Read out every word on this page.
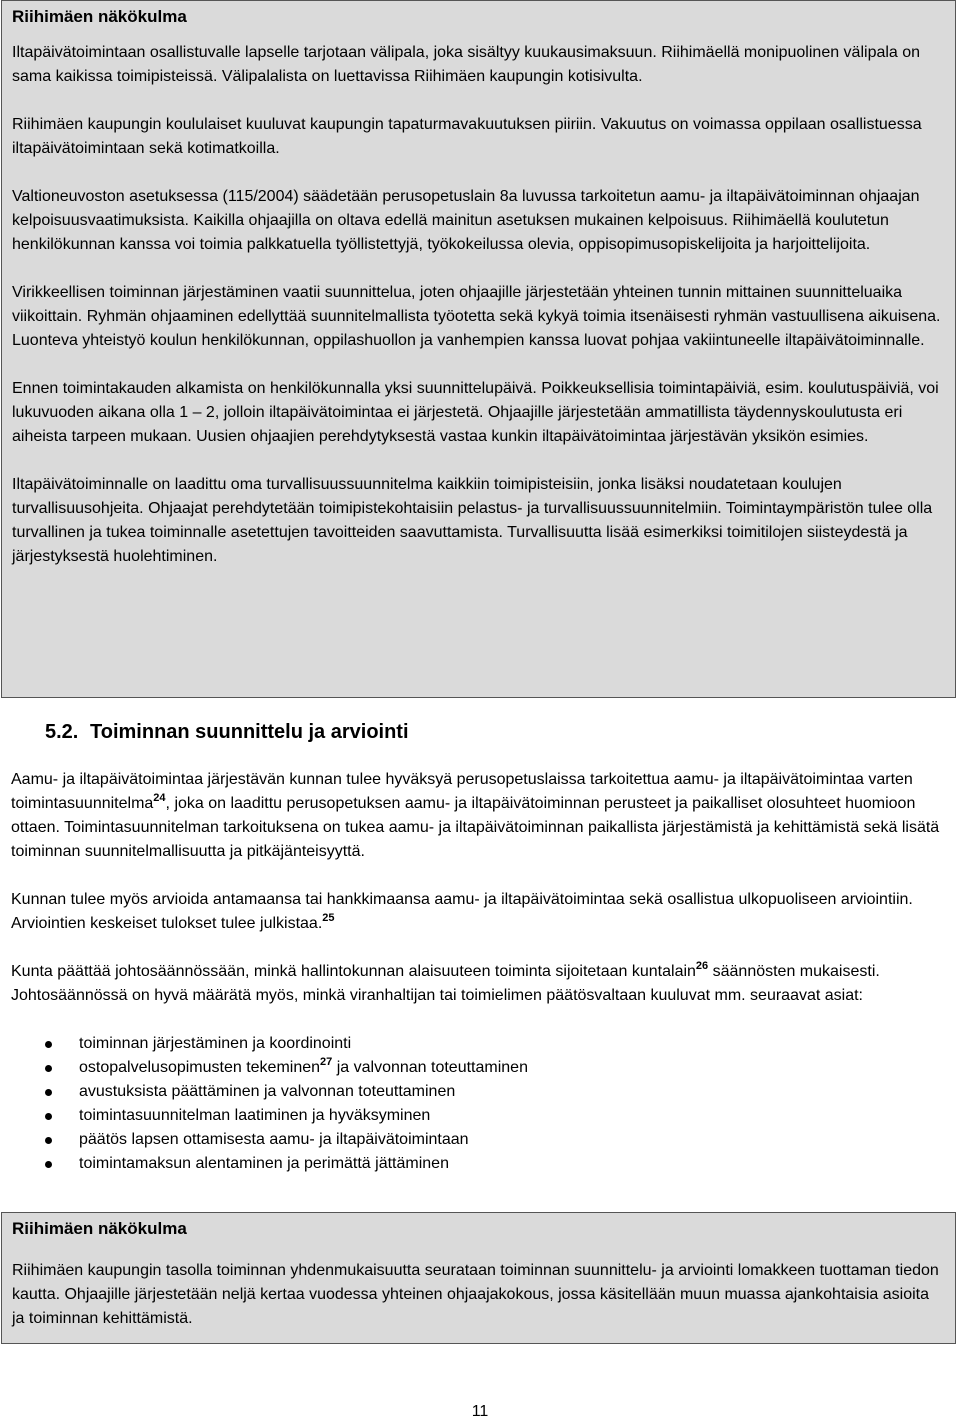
Riihimäen näkökulma

Iltapäivätoimintaan osallistuvalle lapselle tarjotaan välipala, joka sisältyy kuukausimaksuun. Riihimäellä monipuolinen välipala on sama kaikissa toimipisteissä. Välipalalista on luettavissa Riihimäen kaupungin kotisivulta.

Riihimäen kaupungin koululaiset kuuluvat kaupungin tapaturmavakuutuksen piiriin. Vakuutus on voimassa oppilaan osallistuessa iltapäivätoimintaan sekä kotimatkoilla.

Valtioneuvoston asetuksessa (115/2004) säädetään perusopetuslain 8a luvussa tarkoitetun aamu- ja iltapäivätoiminnan ohjaajan kelpoisuusvaatimuksista. Kaikilla ohjaajilla on oltava edellä mainitun asetuksen mukainen kelpoisuus. Riihimäellä koulutetun henkilökunnan kanssa voi toimia palkkatuella työllistettyjä, työkokeilussa olevia, oppisopimusopiskelijoita ja harjoittelijoita.

Virikkeellisen toiminnan järjestäminen vaatii suunnittelua, joten ohjaajille järjestetään yhteinen tunnin mittainen suunnitteluaika viikoittain. Ryhmän ohjaaminen edellyttää suunnitelmallista työotetta sekä kykyä toimia itsenäisesti ryhmän vastuullisena aikuisena. Luonteva yhteistyö koulun henkilökunnan, oppilashuollon ja vanhempien kanssa luovat pohjaa vakiintuneelle iltapäivätoiminnalle.

Ennen toimintakauden alkamista on henkilökunnalla yksi suunnittelupäivä. Poikkeuksellisia toimintapäiviä, esim. koulutuspäiviä, voi lukuvuoden aikana olla 1 – 2, jolloin iltapäivätoimintaa ei järjestetä. Ohjaajille järjestetään ammatillista täydennyskoulutusta eri aiheista tarpeen mukaan. Uusien ohjaajien perehdytyksestä vastaa kunkin iltapäivätoimintaa järjestävän yksikön esimies.

Iltapäivätoiminnalle on laadittu oma turvallisuussuunnitelma kaikkiin toimipisteisiin, jonka lisäksi noudatetaan koulujen turvallisuusohjeita. Ohjaajat perehdytetään toimipistekohtaisiin pelastus- ja turvallisuussuunnitelmiin. Toimintaympäristön tulee olla turvallinen ja tukea toiminnalle asetettujen tavoitteiden saavuttamista. Turvallisuutta lisää esimerkiksi toimitilojen siisteydestä ja järjestyksestä huolehtiminen.

5.2. Toiminnan suunnittelu ja arviointi

Aamu- ja iltapäivätoimintaa järjestävän kunnan tulee hyväksyä perusopetuslaissa tarkoitettua aamu- ja iltapäivätoimintaa varten toimintasuunnitelma$^{24}$, joka on laadittu perusopetuksen aamu- ja iltapäivätoiminnan perusteet ja paikalliset olosuhteet huomioon ottaen. Toimintasuunnitelman tarkoituksena on tukea aamu- ja iltapäivätoiminnan paikallista järjestämistä ja kehittämistä sekä lisätä toiminnan suunnitelmallisuutta ja pitkäjänteisyyttä.

Kunnan tulee myös arvioida antamaansa tai hankkimaansa aamu- ja iltapäivätoimintaa sekä osallistua ulkopuoliseen arviointiin. Arviointien keskeiset tulokset tulee julkistaa.$^{25}$

Kunta päättää johtosäännössään, minkä hallintokunnan alaisuuteen toiminta sijoitetaan kuntalain$^{26}$ säännösten mukaisesti. Johtosäännössä on hyvä määrätä myös, minkä viranhaltijan tai toimielimen päätösvaltaan kuuluvat mm. seuraavat asiat:

toiminnan järjestäminen ja koordinointi
ostopalvelusopimusten tekeminen$^{27}$ ja valvonnan toteuttaminen
avustuksista päättäminen ja valvonnan toteuttaminen
toimintasuunnitelman laatiminen ja hyväksyminen
päätös lapsen ottamisesta aamu- ja iltapäivätoimintaan
toimintamaksun alentaminen ja perimättä jättäminen
Riihimäen näkökulma

Riihimäen kaupungin tasolla toiminnan yhdenmukaisuutta seurataan toiminnan suunnittelu- ja arviointi lomakkeen tuottaman tiedon kautta. Ohjaajille järjestetään neljä kertaa vuodessa yhteinen ohjaajakokous, jossa käsitellään muun muassa ajankohtaisia asioita ja toiminnan kehittämistä.

11
